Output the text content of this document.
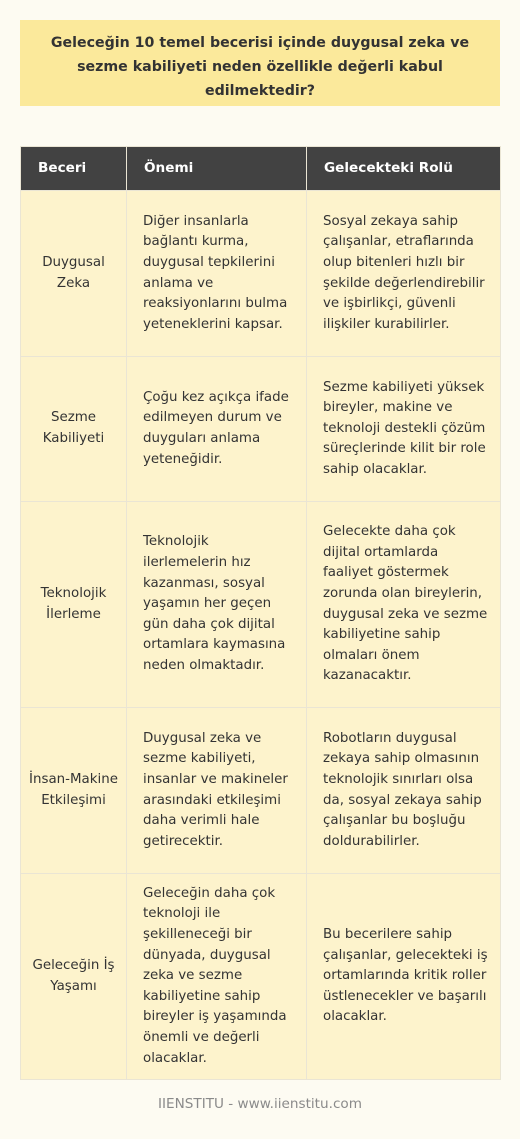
Geleceğin 10 temel becerisi içinde duygusal zeka ve sezme kabiliyeti neden özellikle değerli kabul edilmektedir?
Beceri	Önemi	Gelecekteki Rolü
Duygusal Zeka	Diğer insanlarla bağlantı kurma, duygusal tepkilerini anlama ve reaksiyonlarını bulma yeteneklerini kapsar.	Sosyal zekaya sahip çalışanlar, etraflarında olup bitenleri hızlı bir şekilde değerlendirebilir ve işbirlikçi, güvenli ilişkiler kurabilirler.
Sezme Kabiliyeti	Çoğu kez açıkça ifade edilmeyen durum ve duyguları anlama yeteneğidir.	Sezme kabiliyeti yüksek bireyler, makine ve teknoloji destekli çözüm süreçlerinde kilit bir role sahip olacaklar.
Teknolojik İlerleme	Teknolojik ilerlemelerin hız kazanması, sosyal yaşamın her geçen gün daha çok dijital ortamlara kaymasına neden olmaktadır.	Gelecekte daha çok dijital ortamlarda faaliyet göstermek zorunda olan bireylerin, duygusal zeka ve sezme kabiliyetine sahip olmaları önem kazanacaktır.
İnsan-Makine Etkileşimi	Duygusal zeka ve sezme kabiliyeti, insanlar ve makineler arasındaki etkileşimi daha verimli hale getirecektir.	Robotların duygusal zekaya sahip olmasının teknolojik sınırları olsa da, sosyal zekaya sahip çalışanlar bu boşluğu doldurabilirler.
Geleceğin İş Yaşamı	Geleceğin daha çok teknoloji ile şekilleneceği bir dünyada, duygusal zeka ve sezme kabiliyetine sahip bireyler iş yaşamında önemli ve değerli olacaklar.	Bu becerilere sahip çalışanlar, gelecekteki iş ortamlarında kritik roller üstlenecekler ve başarılı olacaklar.
IIENSTITU - www.iienstitu.com
